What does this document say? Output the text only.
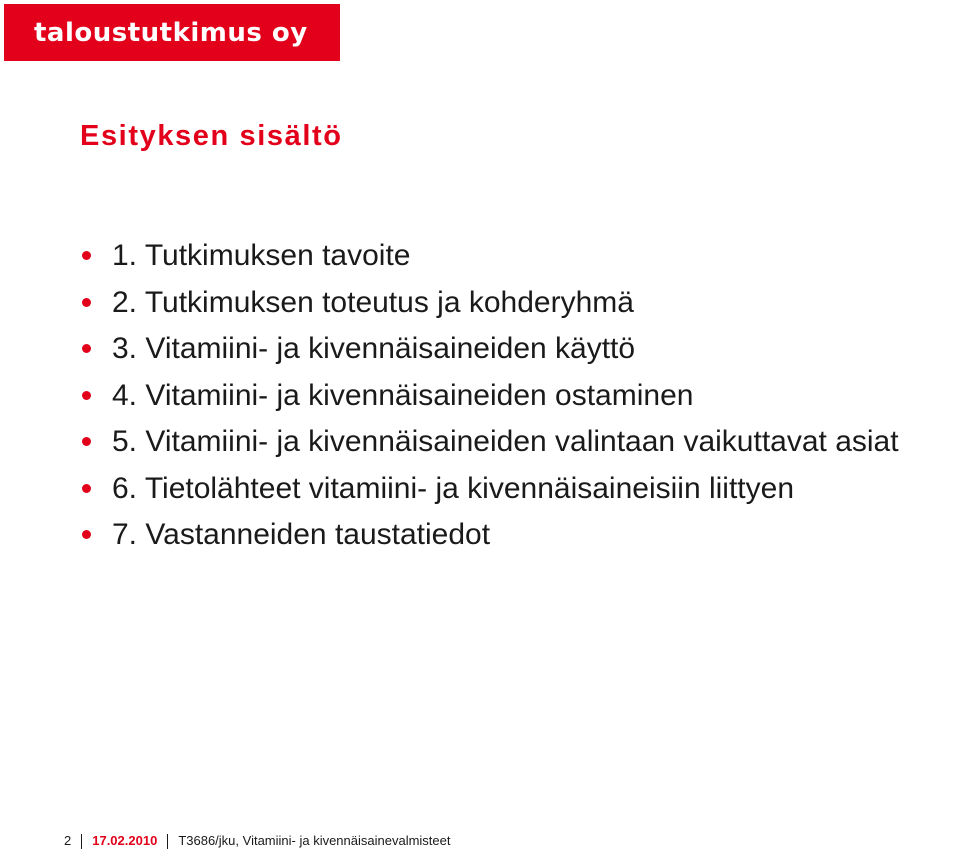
taloustutkimus oy
Esityksen sisältö
1. Tutkimuksen tavoite
2. Tutkimuksen toteutus ja kohderyhmä
3. Vitamiini- ja kivennäisaineiden käyttö
4. Vitamiini- ja kivennäisaineiden ostaminen
5. Vitamiini- ja kivennäisaineiden valintaan vaikuttavat asiat
6. Tietolähteet vitamiini- ja kivennäisaineisiin liittyen
7. Vastanneiden taustatiedot
2 17.02.2010 T3686/jku, Vitamiini- ja kivennäisainevalmisteet
